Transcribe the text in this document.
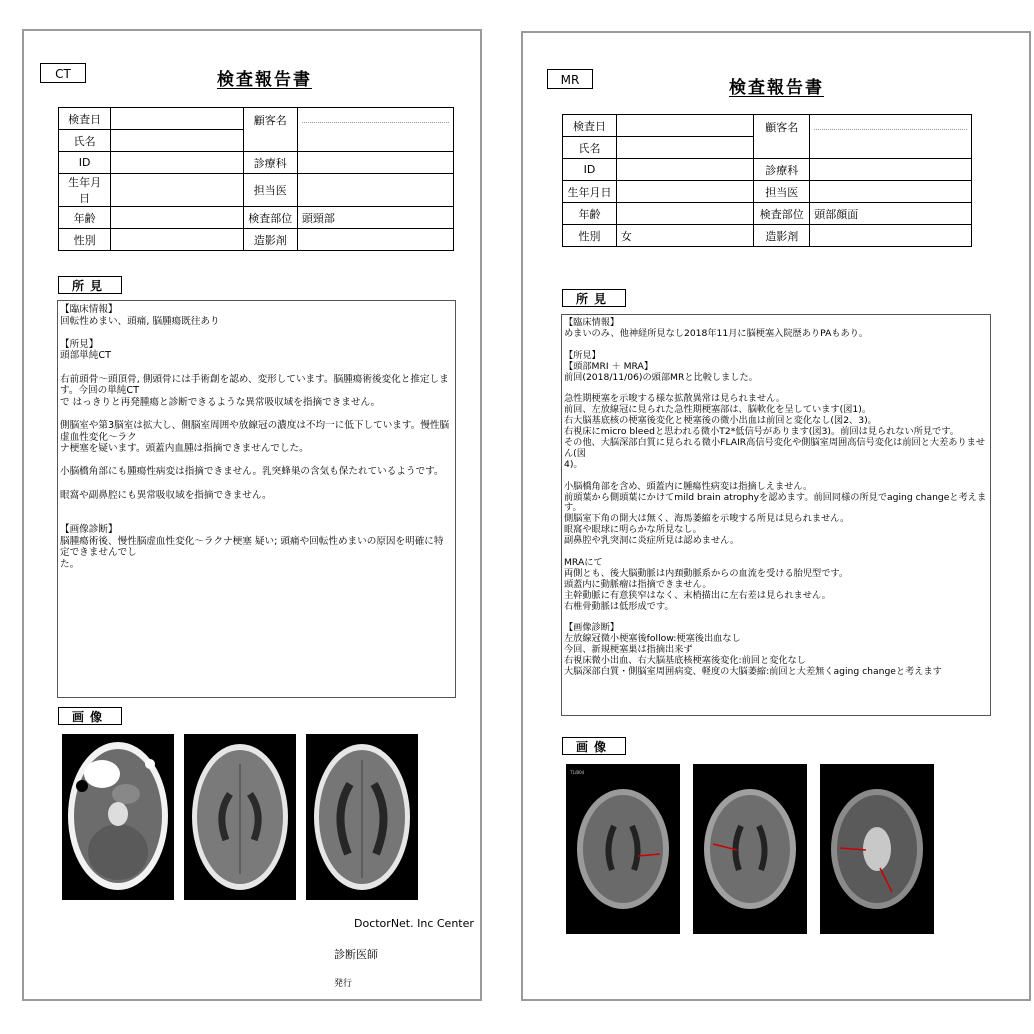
CT	検査報告書
検査日		顧客名	

氏名			
ID		診療科	
生年月日		担当医	
年齢		検査部位	頭頸部
性別		造影剤	
所見
【臨床情報】
回転性めまい、頭痛, 脳腫瘍既往あり

【所見】
頭部単純CT

右前頭骨～頭頂骨, 側頭骨には手術創を認め、変形しています。脳腫瘍術後変化と推定します。今回の単純CT
で はっきりと再発腫瘍と診断できるような異常吸収域を指摘できません。

側脳室や第3脳室は拡大し、側脳室周囲や放線冠の濃度は不均一に低下しています。慢性脳虚血性変化～ラク
ナ梗塞を疑います。頭蓋内血腫は指摘できませんでした。

小脳橋角部にも腫瘍性病変は指摘できません。乳突蜂巣の含気も保たれているようです。

眼窩や副鼻腔にも異常吸収域を指摘できません。

【画像診断】
脳腫瘍術後、慢性脳虚血性変化～ラクナ梗塞 疑い; 頭痛や回転性めまいの原因を明確に特定できませんでし
た。
画像
DoctorNet. Inc Center
診断医師
発行
MR	検査報告書
検査日		顧客名	

氏名			
ID		診療科	
生年月日		担当医	
年齢		検査部位	頭部顔面
性別	女	造影剤	
所見
【臨床情報】
めまいのみ、他神経所見なし2018年11月に脳梗塞入院歴ありPAもあり。

【所見】
【頭部MRI ＋ MRA】
前回(2018/11/06)の頭部MRと比較しました。

急性期梗塞を示唆する様な拡散異常は見られません。
前回、左放線冠に見られた急性期梗塞部は、脳軟化を呈しています(図1)。
右大脳基底核の梗塞後変化と梗塞後の微小出血は前回と変化なし(図2、3)。
右視床にmicro bleedと思われる微小T2*低信号があります(図3)。前回は見られない所見です。
その他、大脳深部白質に見られる微小FLAIR高信号変化や側脳室周囲高信号変化は前回と大差ありません(図
4)。

小脳橋角部を含め、頭蓋内に腫瘍性病変は指摘しえません。
前頭葉から側頭葉にかけてmild brain atrophyを認めます。前回同様の所見でaging changeと考えます。
側脳室下角の開大は無く、海馬萎縮を示唆する所見は見られません。
眼窩や眼球に明らかな所見なし。
副鼻腔や乳突洞に炎症所見は認めません。

MRAにて
両側とも、後大脳動脈は内頚動脈系からの血流を受ける胎児型です。
頭蓋内に動脈瘤は指摘できません。
主幹動脈に有意狭窄はなく、末梢描出に左右差は見られません。
右椎骨動脈は低形成です。

【画像診断】
左放線冠微小梗塞後follow:梗塞後出血なし
今回、新規梗塞巣は指摘出来ず
右視床微小出血、右大脳基底核梗塞後変化:前回と変化なし
大脳深部白質・側脳室周囲病変、軽度の大脳萎縮:前回と大差無くaging changeと考えます
画像
T1/B04
